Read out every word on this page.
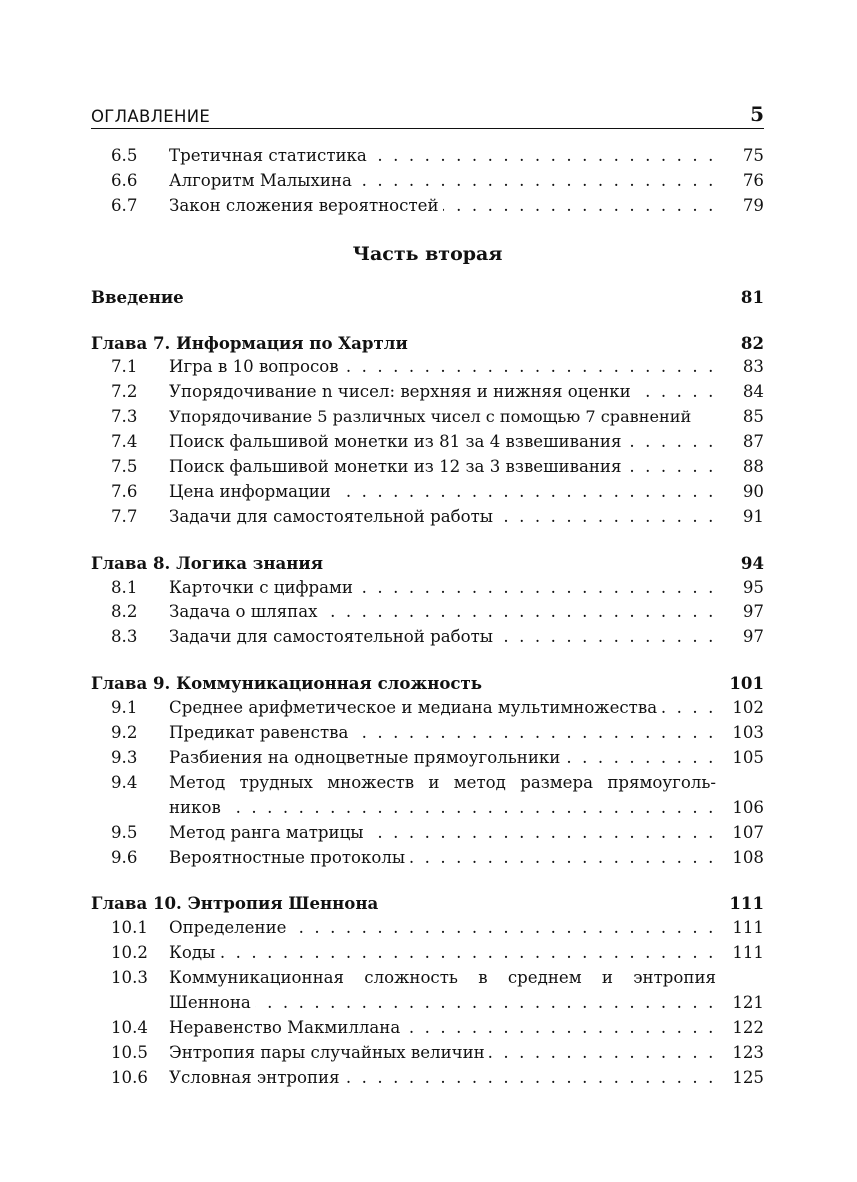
ОГЛАВЛЕНИЕ	5
6.5	Третичная статистика . . .	75
6.6	Алгоритм Малыхина . . .	76
6.7	Закон сложения вероятностей . . .	79
Часть вторая
Введение	81
Глава 7. Информация по Хартли	82
7.1	Игра в 10 вопросов . . .	83
7.2	Упорядочивание n чисел: верхняя и нижняя оценки . . .	84
7.3	Упорядочивание 5 различных чисел с помощью 7 сравнений	85
7.4	Поиск фальшивой монетки из 81 за 4 взвешивания . . .	87
7.5	Поиск фальшивой монетки из 12 за 3 взвешивания . . .	88
7.6	Цена информации . . .	90
7.7	Задачи для самостоятельной работы . . .	91
Глава 8. Логика знания	94
8.1	Карточки с цифрами . . .	95
8.2	Задача о шляпах . . .	97
8.3	Задачи для самостоятельной работы . . .	97
Глава 9. Коммуникационная сложность	101
9.1	Среднее арифметическое и медиана мультимножества . . .	102
9.2	Предикат равенства . . .	103
9.3	Разбиения на одноцветные прямоугольники . . .	105
9.4	Метод трудных множеств и метод размера прямоуголь-
ников . . .	106
9.5	Метод ранга матрицы . . .	107
9.6	Вероятностные протоколы . . .	108
Глава 10. Энтропия Шеннона	111
10.1	Определение . . .	111
10.2	Коды . . .	111
10.3	Коммуникационная сложность в среднем и энтропия
Шеннона . . .	121
10.4	Неравенство Макмиллана . . .	122
10.5	Энтропия пары случайных величин . . .	123
10.6	Условная энтропия . . .	125
